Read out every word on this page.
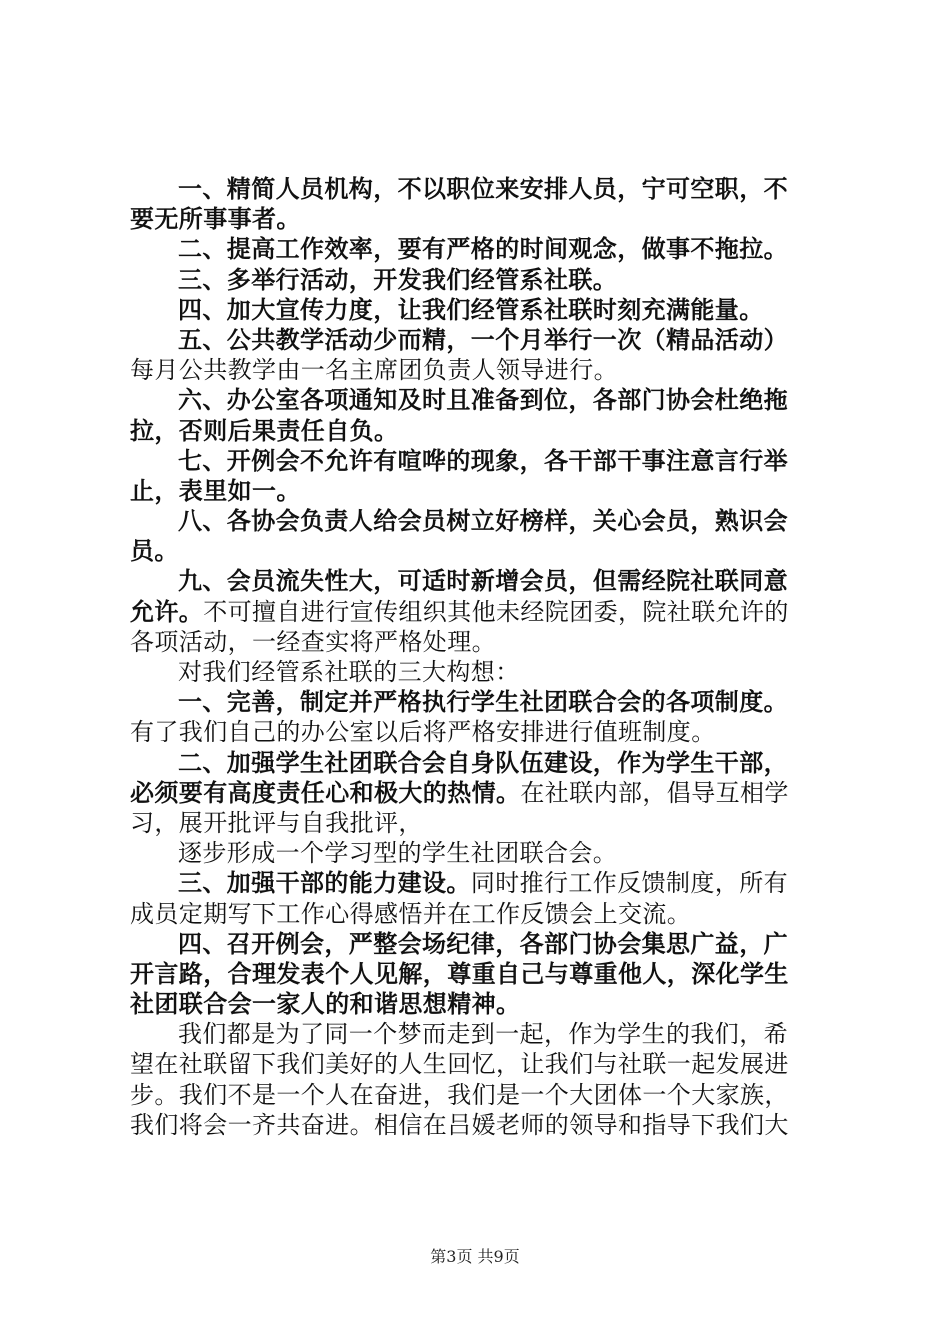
一、精简人员机构，不以职位来安排人员，宁可空职，不
要无所事事者。
二、提高工作效率，要有严格的时间观念，做事不拖拉。
三、多举行活动，开发我们经管系社联。
四、加大宣传力度，让我们经管系社联时刻充满能量。
五、公共教学活动少而精，一个月举行一次（精品活动）
每月公共教学由一名主席团负责人领导进行。
六、办公室各项通知及时且准备到位，各部门协会杜绝拖
拉，否则后果责任自负。
七、开例会不允许有喧哗的现象，各干部干事注意言行举
止，表里如一。
八、各协会负责人给会员树立好榜样，关心会员，熟识会
员。
九、会员流失性大，可适时新增会员，但需经院社联同意
允许。不可擅自进行宣传组织其他未经院团委，院社联允许的
各项活动，一经查实将严格处理。
对我们经管系社联的三大构想：
一、完善，制定并严格执行学生社团联合会的各项制度。
有了我们自己的办公室以后将严格安排进行值班制度。
二、加强学生社团联合会自身队伍建设，作为学生干部，
必须要有高度责任心和极大的热情。在社联内部，倡导互相学
习，展开批评与自我批评，
逐步形成一个学习型的学生社团联合会。
三、加强干部的能力建设。同时推行工作反馈制度，所有
成员定期写下工作心得感悟并在工作反馈会上交流。
四、召开例会，严整会场纪律，各部门协会集思广益，广
开言路，合理发表个人见解，尊重自己与尊重他人，深化学生
社团联合会一家人的和谐思想精神。
我们都是为了同一个梦而走到一起，作为学生的我们，希
望在社联留下我们美好的人生回忆，让我们与社联一起发展进
步。我们不是一个人在奋进，我们是一个大团体一个大家族，
我们将会一齐共奋进。相信在吕媛老师的领导和指导下我们大
第3页 共9页
